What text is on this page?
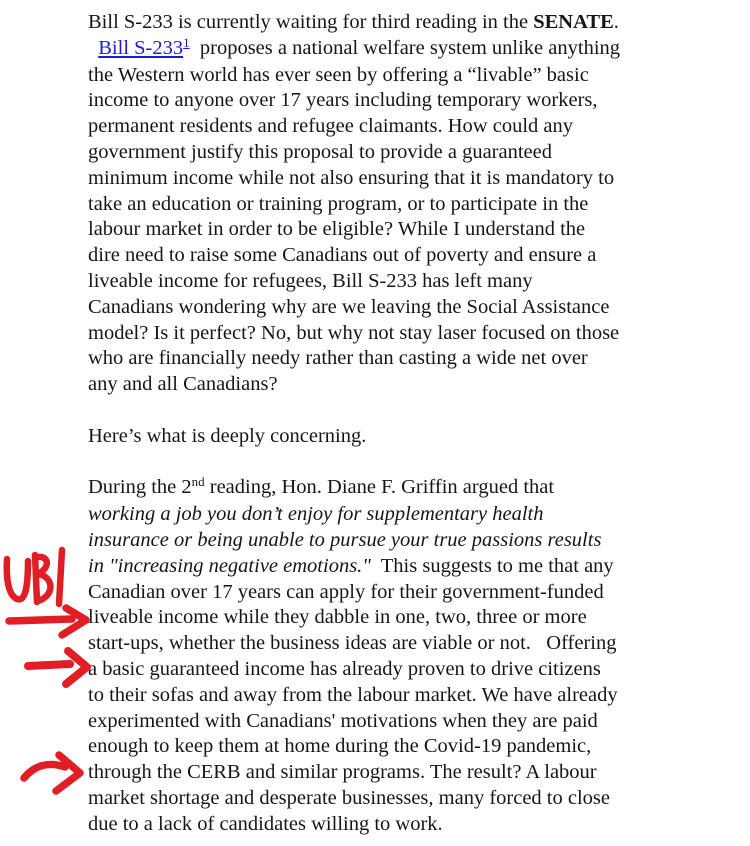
Bill S-233 is currently waiting for third reading in the SENATE.
Bill $S-233^1$  proposes a national welfare system unlike anything
the Western world has ever seen by offering a “livable” basic
income to anyone over 17 years including temporary workers,
permanent residents and refugee claimants. How could any
government justify this proposal to provide a guaranteed
minimum income while not also ensuring that it is mandatory to
take an education or training program, or to participate in the
labour market in order to be eligible? While I understand the
dire need to raise some Canadians out of poverty and ensure a
liveable income for refugees, Bill S-233 has left many
Canadians wondering why are we leaving the Social Assistance
model? Is it perfect? No, but why not stay laser focused on those
who are financially needy rather than casting a wide net over
any and all Canadians?
Here’s what is deeply concerning.
During the 2nd reading, Hon. Diane F. Griffin argued that
working a job you don’t enjoy for supplementary health
insurance or being unable to pursue your true passions results
in "increasing negative emotions."  This suggests to me that any
Canadian over 17 years can apply for their government-funded
liveable income while they dabble in one, two, three or more
start-ups, whether the business ideas are viable or not.   Offering
a basic guaranteed income has already proven to drive citizens
to their sofas and away from the labour market. We have already
experimented with Canadians' motivations when they are paid
enough to keep them at home during the Covid-19 pandemic,
through the CERB and similar programs. The result? A labour
market shortage and desperate businesses, many forced to close
due to a lack of candidates willing to work.
